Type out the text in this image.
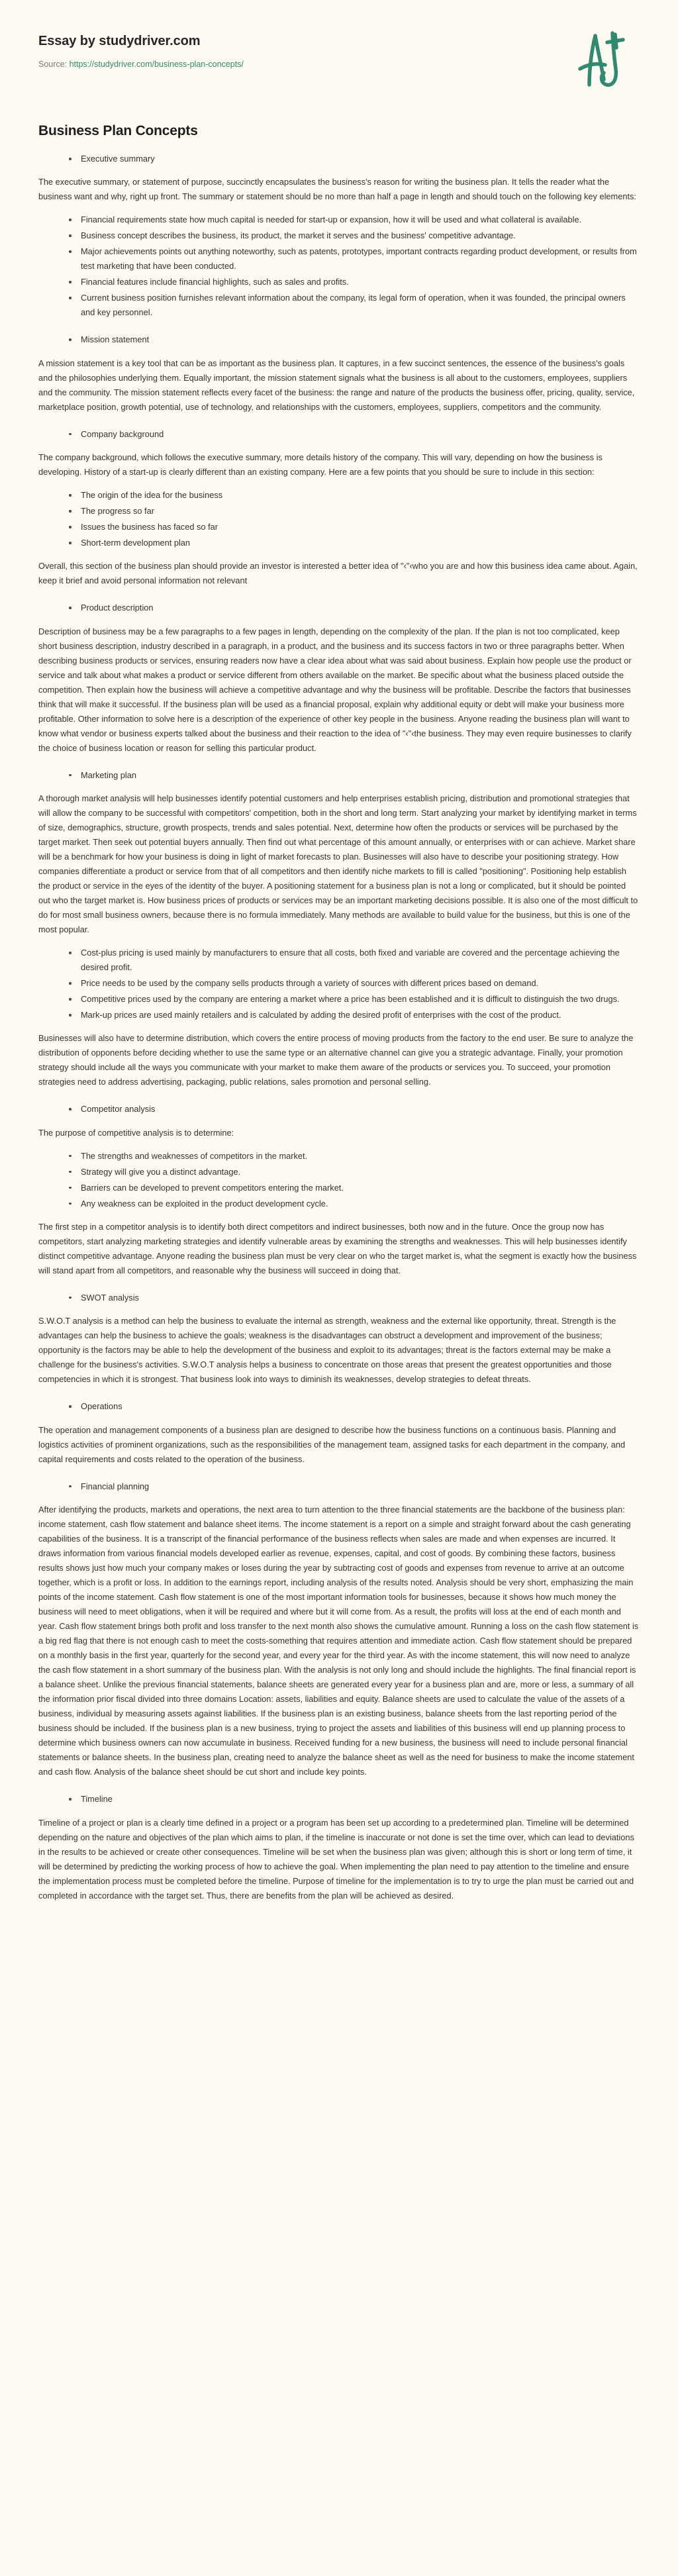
Essay by studydriver.com
Source: https://studydriver.com/business-plan-concepts/
Business Plan Concepts
Executive summary

The executive summary, or statement of purpose, succinctly encapsulates the business's reason for writing the business plan. It tells the reader what the business want and why, right up front. The summary or statement should be no more than half a page in length and should touch on the following key elements:

Financial requirements state how much capital is needed for start-up or expansion, how it will be used and what collateral is available.
Business concept describes the business, its product, the market it serves and the business' competitive advantage.
Major achievements points out anything noteworthy, such as patents, prototypes, important contracts regarding product development, or results from test marketing that have been conducted.
Financial features include financial highlights, such as sales and profits.
Current business position furnishes relevant information about the company, its legal form of operation, when it was founded, the principal owners and key personnel.
Mission statement

A mission statement is a key tool that can be as important as the business plan. It captures, in a few succinct sentences, the essence of the business's goals and the philosophies underlying them. Equally important, the mission statement signals what the business is all about to the customers, employees, suppliers and the community. The mission statement reflects every facet of the business: the range and nature of the products the business offer, pricing, quality, service, marketplace position, growth potential, use of technology, and relationships with the customers, employees, suppliers, competitors and the community.

Company background

The company background, which follows the executive summary, more details history of the company. This will vary, depending on how the business is developing. History of a start-up is clearly different than an existing company. Here are a few points that you should be sure to include in this section:

The origin of the idea for the business
The progress so far
Issues the business has faced so far
Short-term development plan

Overall, this section of the business plan should provide an investor is interested a better idea of "‹"‹who you are and how this business idea came about. Again, keep it brief and avoid personal information not relevant

Product description

Description of business may be a few paragraphs to a few pages in length, depending on the complexity of the plan. If the plan is not too complicated, keep short business description, industry described in a paragraph, in a product, and the business and its success factors in two or three paragraphs better. When describing business products or services, ensuring readers now have a clear idea about what was said about business. Explain how people use the product or service and talk about what makes a product or service different from others available on the market. Be specific about what the business placed outside the competition. Then explain how the business will achieve a competitive advantage and why the business will be profitable. Describe the factors that businesses think that will make it successful. If the business plan will be used as a financial proposal, explain why additional equity or debt will make your business more profitable. Other information to solve here is a description of the experience of other key people in the business. Anyone reading the business plan will want to know what vendor or business experts talked about the business and their reaction to the idea of "‹"‹the business. They may even require businesses to clarify the choice of business location or reason for selling this particular product.

Marketing plan

A thorough market analysis will help businesses identify potential customers and help enterprises establish pricing, distribution and promotional strategies that will allow the company to be successful with competitors' competition, both in the short and long term. Start analyzing your market by identifying market in terms of size, demographics, structure, growth prospects, trends and sales potential. Next, determine how often the products or services will be purchased by the target market. Then seek out potential buyers annually. Then find out what percentage of this amount annually, or enterprises with or can achieve. Market share will be a benchmark for how your business is doing in light of market forecasts to plan. Businesses will also have to describe your positioning strategy. How companies differentiate a product or service from that of all competitors and then identify niche markets to fill is called "positioning". Positioning help establish the product or service in the eyes of the identity of the buyer. A positioning statement for a business plan is not a long or complicated, but it should be pointed out who the target market is. How business prices of products or services may be an important marketing decisions possible. It is also one of the most difficult to do for most small business owners, because there is no formula immediately. Many methods are available to build value for the business, but this is one of the most popular.

Cost-plus pricing is used mainly by manufacturers to ensure that all costs, both fixed and variable are covered and the percentage achieving the desired profit.
Price needs to be used by the company sells products through a variety of sources with different prices based on demand.
Competitive prices used by the company are entering a market where a price has been established and it is difficult to distinguish the two drugs.
Mark-up prices are used mainly retailers and is calculated by adding the desired profit of enterprises with the cost of the product.

Businesses will also have to determine distribution, which covers the entire process of moving products from the factory to the end user. Be sure to analyze the distribution of opponents before deciding whether to use the same type or an alternative channel can give you a strategic advantage. Finally, your promotion strategy should include all the ways you communicate with your market to make them aware of the products or services you. To succeed, your promotion strategies need to address advertising, packaging, public relations, sales promotion and personal selling.

Competitor analysis

The purpose of competitive analysis is to determine:

The strengths and weaknesses of competitors in the market.
Strategy will give you a distinct advantage.
Barriers can be developed to prevent competitors entering the market.
Any weakness can be exploited in the product development cycle.

The first step in a competitor analysis is to identify both direct competitors and indirect businesses, both now and in the future. Once the group now has competitors, start analyzing marketing strategies and identify vulnerable areas by examining the strengths and weaknesses. This will help businesses identify distinct competitive advantage. Anyone reading the business plan must be very clear on who the target market is, what the segment is exactly how the business will stand apart from all competitors, and reasonable why the business will succeed in doing that.

SWOT analysis

S.W.O.T analysis is a method can help the business to evaluate the internal as strength, weakness and the external like opportunity, threat. Strength is the advantages can help the business to achieve the goals; weakness is the disadvantages can obstruct a development and improvement of the business; opportunity is the factors may be able to help the development of the business and exploit to its advantages; threat is the factors external may be make a challenge for the business's activities. S.W.O.T analysis helps a business to concentrate on those areas that present the greatest opportunities and those competencies in which it is strongest. That business look into ways to diminish its weaknesses, develop strategies to defeat threats.

Operations

The operation and management components of a business plan are designed to describe how the business functions on a continuous basis. Planning and logistics activities of prominent organizations, such as the responsibilities of the management team, assigned tasks for each department in the company, and capital requirements and costs related to the operation of the business.

Financial planning

After identifying the products, markets and operations, the next area to turn attention to the three financial statements are the backbone of the business plan: income statement, cash flow statement and balance sheet items. The income statement is a report on a simple and straight forward about the cash generating capabilities of the business. It is a transcript of the financial performance of the business reflects when sales are made and when expenses are incurred. It draws information from various financial models developed earlier as revenue, expenses, capital, and cost of goods. By combining these factors, business results shows just how much your company makes or loses during the year by subtracting cost of goods and expenses from revenue to arrive at an outcome together, which is a profit or loss. In addition to the earnings report, including analysis of the results noted. Analysis should be very short, emphasizing the main points of the income statement. Cash flow statement is one of the most important information tools for businesses, because it shows how much money the business will need to meet obligations, when it will be required and where but it will come from. As a result, the profits will loss at the end of each month and year. Cash flow statement brings both profit and loss transfer to the next month also shows the cumulative amount. Running a loss on the cash flow statement is a big red flag that there is not enough cash to meet the costs-something that requires attention and immediate action. Cash flow statement should be prepared on a monthly basis in the first year, quarterly for the second year, and every year for the third year. As with the income statement, this will now need to analyze the cash flow statement in a short summary of the business plan. With the analysis is not only long and should include the highlights. The final financial report is a balance sheet. Unlike the previous financial statements, balance sheets are generated every year for a business plan and are, more or less, a summary of all the information prior fiscal divided into three domains Location: assets, liabilities and equity. Balance sheets are used to calculate the value of the assets of a business, individual by measuring assets against liabilities. If the business plan is an existing business, balance sheets from the last reporting period of the business should be included. If the business plan is a new business, trying to project the assets and liabilities of this business will end up planning process to determine which business owners can now accumulate in business. Received funding for a new business, the business will need to include personal financial statements or balance sheets. In the business plan, creating need to analyze the balance sheet as well as the need for business to make the income statement and cash flow. Analysis of the balance sheet should be cut short and include key points.

Timeline

Timeline of a project or plan is a clearly time defined in a project or a program has been set up according to a predetermined plan. Timeline will be determined depending on the nature and objectives of the plan which aims to plan, if the timeline is inaccurate or not done is set the time over, which can lead to deviations in the results to be achieved or create other consequences. Timeline will be set when the business plan was given; although this is short or long term of time, it will be determined by predicting the working process of how to achieve the goal. When implementing the plan need to pay attention to the timeline and ensure the implementation process must be completed before the timeline. Purpose of timeline for the implementation is to try to urge the plan must be carried out and completed in accordance with the target set. Thus, there are benefits from the plan will be achieved as desired.
